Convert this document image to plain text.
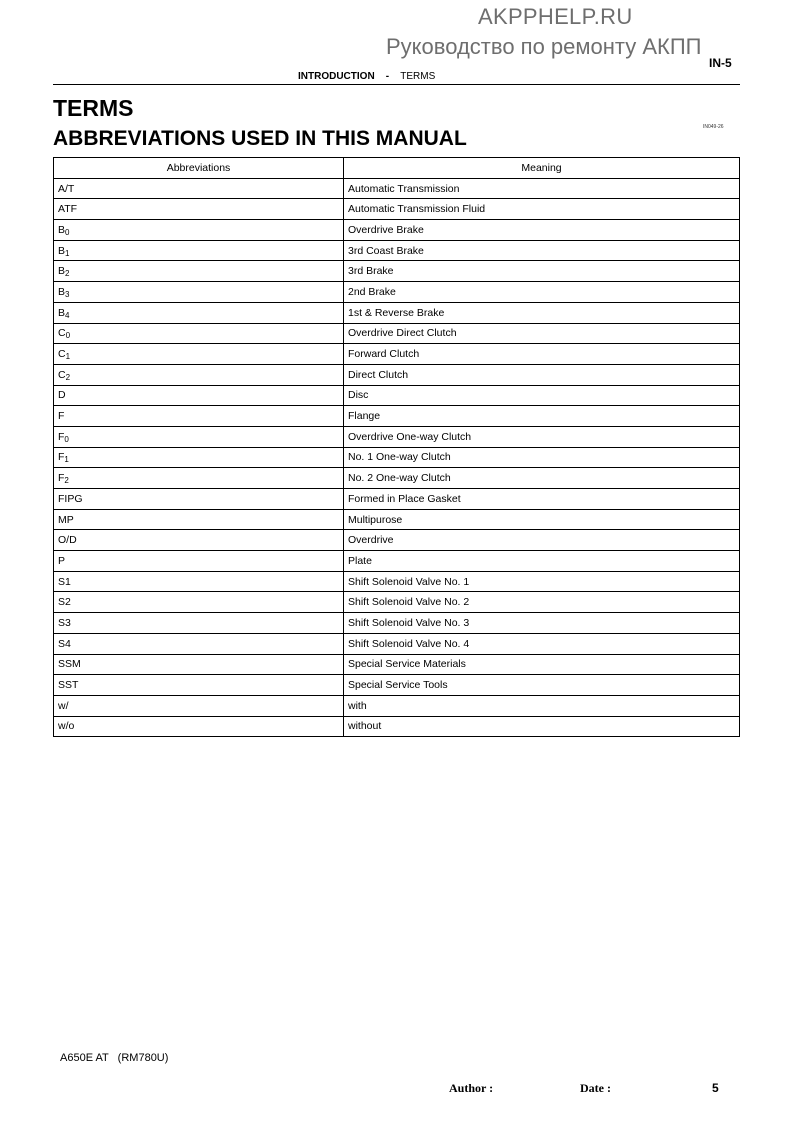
AKPPHELP.RU
Руководство по ремонту АКПП
IN-5
INTRODUCTION - TERMS
TERMS
ABBREVIATIONS USED IN THIS MANUAL	IN049-26
Abbreviations	Meaning
A/T	Automatic Transmission
ATF	Automatic Transmission Fluid
$B_0$	Overdrive Brake
$B_1$	3rd Coast Brake
$B_2$	3rd Brake
$B_3$	2nd Brake
$B_4$	1st & Reverse Brake
$C_0$	Overdrive Direct Clutch
$C_1$	Forward Clutch
$C_2$	Direct Clutch
D	Disc
F	Flange
$F_0$	Overdrive One-way Clutch
$F_1$	No. 1 One-way Clutch
$F_2$	No. 2 One-way Clutch
FIPG	Formed in Place Gasket
MP	Multipurose
O/D	Overdrive
P	Plate
S1	Shift Solenoid Valve No. 1
S2	Shift Solenoid Valve No. 2
S3	Shift Solenoid Valve No. 3
S4	Shift Solenoid Valve No. 4
SSM	Special Service Materials
SST	Special Service Tools
w/	with
w/o	without
A650E AT   (RM780U)
Author :	Date :	5
